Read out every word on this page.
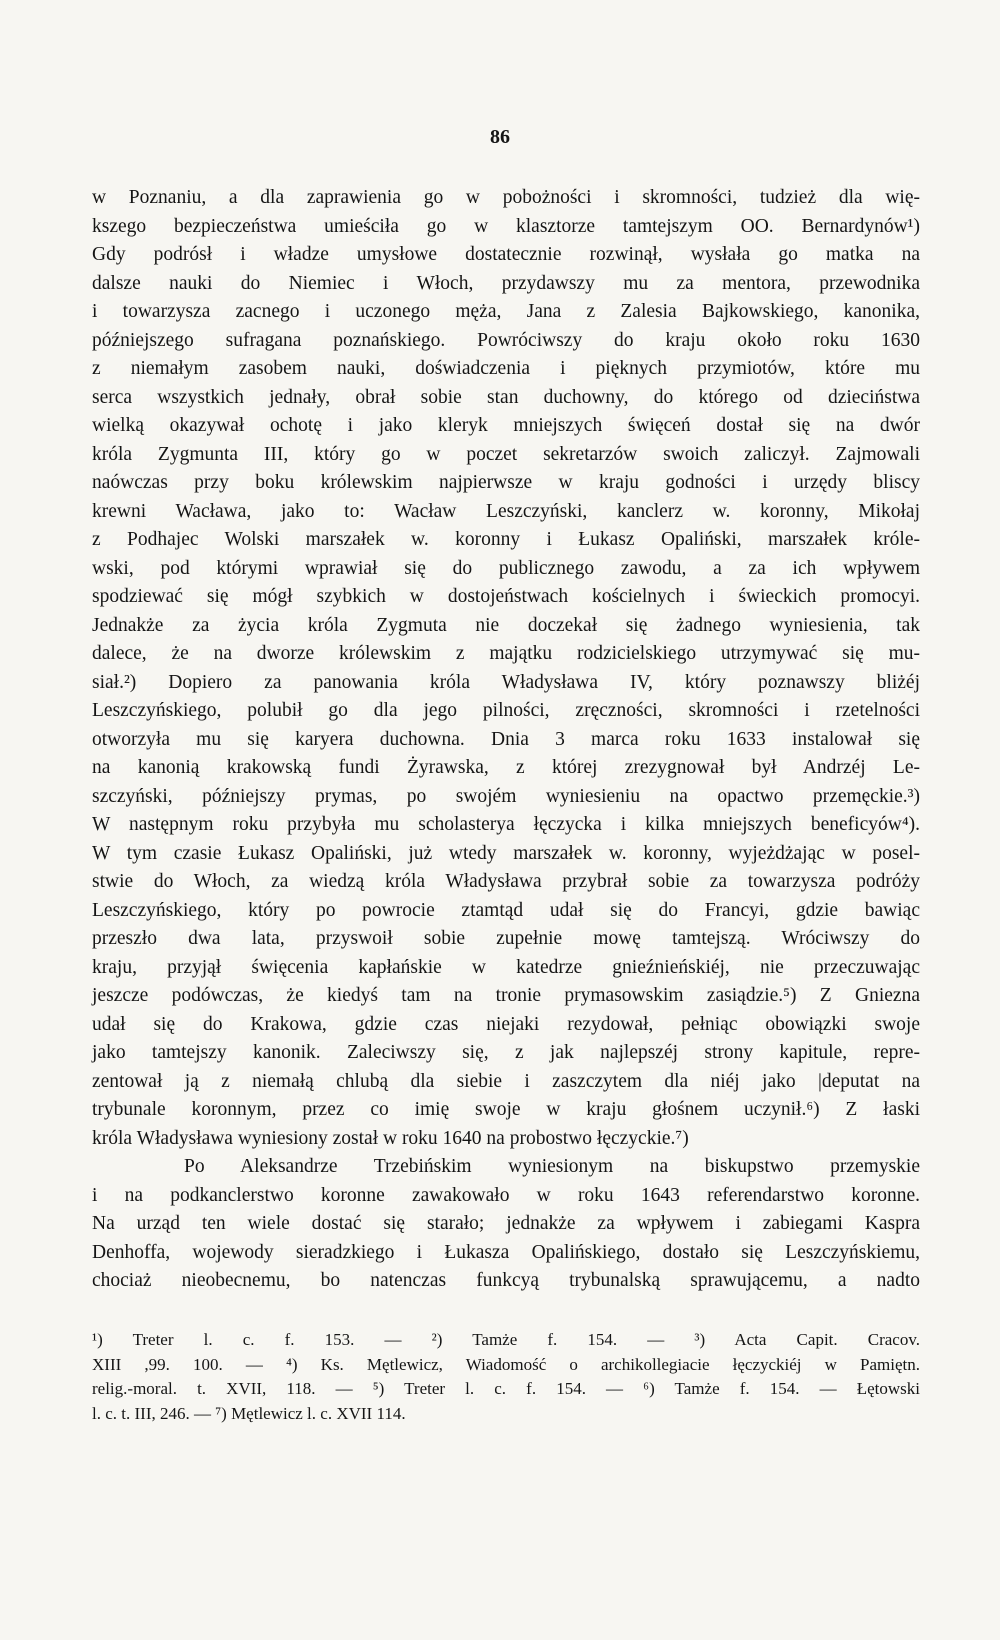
86
w Poznaniu, a dla zaprawienia go w pobożności i skromności, tudzież dla wię-
kszego bezpieczeństwa umieściła go w klasztorze tamtejszym OO. Bernardynów¹)
Gdy podrósł i władze umysłowe dostatecznie rozwinął, wysłała go matka na
dalsze nauki do Niemiec i Włoch, przydawszy mu za mentora, przewodnika
i towarzysza zacnego i uczonego męża, Jana z Zalesia Bajkowskiego, kanonika,
późniejszego sufragana poznańskiego. Powróciwszy do kraju około roku 1630
z niemałym zasobem nauki, doświadczenia i pięknych przymiotów, które mu
serca wszystkich jednały, obrał sobie stan duchowny, do którego od dzieciństwa
wielką okazywał ochotę i jako kleryk mniejszych święceń dostał się na dwór
króla Zygmunta III, który go w poczet sekretarzów swoich zaliczył. Zajmowali
naówczas przy boku królewskim najpierwsze w kraju godności i urzędy bliscy
krewni Wacława, jako to: Wacław Leszczyński, kanclerz w. koronny, Mikołaj
z Podhajec Wolski marszałek w. koronny i Łukasz Opaliński, marszałek króle-
wski, pod którymi wprawiał się do publicznego zawodu, a za ich wpływem
spodziewać się mógł szybkich w dostojeństwach kościelnych i świeckich promocyi.
Jednakże za życia króla Zygmuta nie doczekał się żadnego wyniesienia, tak
dalece, że na dworze królewskim z majątku rodzicielskiego utrzymywać się mu-
siał.²) Dopiero za panowania króla Władysława IV, który poznawszy bliżéj
Leszczyńskiego, polubił go dla jego pilności, zręczności, skromności i rzetelności
otworzyła mu się karyera duchowna. Dnia 3 marca roku 1633 instalował się
na kanonią krakowską fundi Żyrawska, z której zrezygnował był Andrzéj Le-
szczyński, późniejszy prymas, po swojém wyniesieniu na opactwo przemęckie.³)
W następnym roku przybyła mu scholasterya łęczycka i kilka mniejszych beneficyów⁴).
W tym czasie Łukasz Opaliński, już wtedy marszałek w. koronny, wyjeżdżając w posel-
stwie do Włoch, za wiedzą króla Władysława przybrał sobie za towarzysza podróży
Leszczyńskiego, który po powrocie ztamtąd udał się do Francyi, gdzie bawiąc
przeszło dwa lata, przyswoił sobie zupełnie mowę tamtejszą. Wróciwszy do
kraju, przyjął święcenia kapłańskie w katedrze gnieźnieńskiéj, nie przeczuwając
jeszcze podówczas, że kiedyś tam na tronie prymasowskim zasiądzie.⁵) Z Gniezna
udał się do Krakowa, gdzie czas niejaki rezydował, pełniąc obowiązki swoje
jako tamtejszy kanonik. Zaleciwszy się, z jak najlepszéj strony kapitule, repre-
zentował ją z niemałą chlubą dla siebie i zaszczytem dla niéj jako |deputat na
trybunale koronnym, przez co imię swoje w kraju głośnem uczynił.⁶) Z łaski
króla Władysława wyniesiony został w roku 1640 na probostwo łęczyckie.⁷)
Po Aleksandrze Trzebińskim wyniesionym na biskupstwo przemyskie
i na podkanclerstwo koronne zawakowało w roku 1643 referendarstwo koronne.
Na urząd ten wiele dostać się starało; jednakże za wpływem i zabiegami Kaspra
Denhoffa, wojewody sieradzkiego i Łukasza Opalińskiego, dostało się Leszczyńskiemu,
chociaż nieobecnemu, bo natenczas funkcyą trybunalską sprawującemu, a nadto
¹) Treter l. c. f. 153. — ²) Tamże f. 154. — ³) Acta Capit. Cracov.
XIII ,99. 100. — ⁴) Ks. Mętlewicz, Wiadomość o archikollegiacie łęczyckiéj w Pamiętn.
relig.-moral. t. XVII, 118. — ⁵) Treter l. c. f. 154. — ⁶) Tamże f. 154. — Łętowski
l. c. t. III, 246. — ⁷) Mętlewicz l. c. XVII 114.
